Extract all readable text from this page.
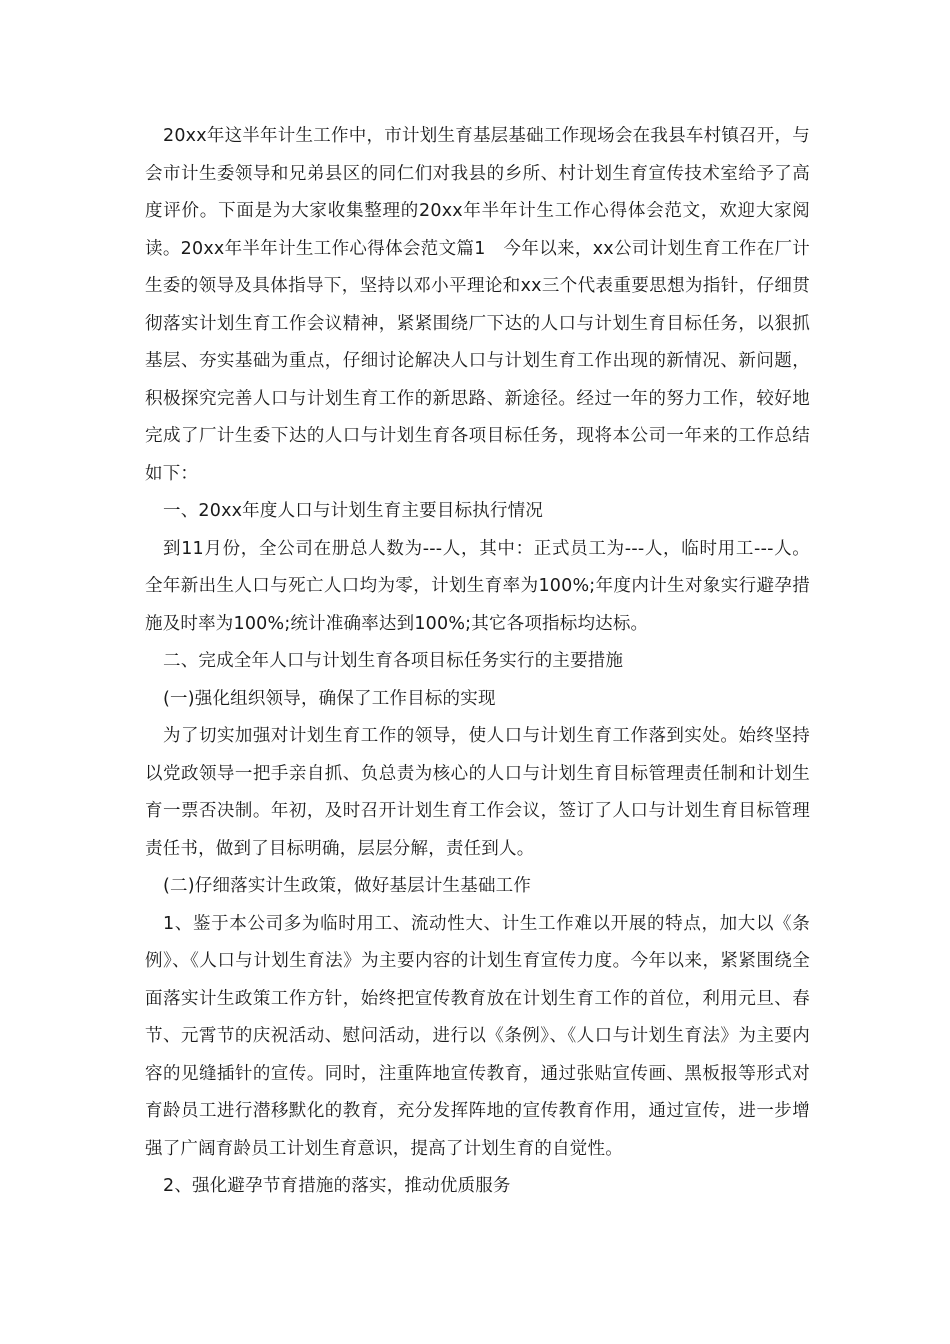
20xx年这半年计生工作中，市计划生育基层基础工作现场会在我县车村镇召开，与会市计生委领导和兄弟县区的同仁们对我县的乡所、村计划生育宣传技术室给予了高度评价。下面是为大家收集整理的20xx年半年计生工作心得体会范文，欢迎大家阅读。20xx年半年计生工作心得体会范文篇1　今年以来，xx公司计划生育工作在厂计生委的领导及具体指导下，坚持以邓小平理论和xx三个代表重要思想为指针，仔细贯彻落实计划生育工作会议精神，紧紧围绕厂下达的人口与计划生育目标任务，以狠抓基层、夯实基础为重点，仔细讨论解决人口与计划生育工作出现的新情况、新问题，积极探究完善人口与计划生育工作的新思路、新途径。经过一年的努力工作，较好地完成了厂计生委下达的人口与计划生育各项目标任务，现将本公司一年来的工作总结如下：

一、20xx年度人口与计划生育主要目标执行情况

到11月份，全公司在册总人数为---人，其中：正式员工为---人，临时用工---人。全年新出生人口与死亡人口均为零，计划生育率为100%;年度内计生对象实行避孕措施及时率为100%;统计准确率达到100%;其它各项指标均达标。

二、完成全年人口与计划生育各项目标任务实行的主要措施

(一)强化组织领导，确保了工作目标的实现

为了切实加强对计划生育工作的领导，使人口与计划生育工作落到实处。始终坚持以党政领导一把手亲自抓、负总责为核心的人口与计划生育目标管理责任制和计划生育一票否决制。年初，及时召开计划生育工作会议，签订了人口与计划生育目标管理责任书，做到了目标明确，层层分解，责任到人。

(二)仔细落实计生政策，做好基层计生基础工作

1、鉴于本公司多为临时用工、流动性大、计生工作难以开展的特点，加大以《条例》、《人口与计划生育法》为主要内容的计划生育宣传力度。今年以来，紧紧围绕全面落实计生政策工作方针，始终把宣传教育放在计划生育工作的首位，利用元旦、春节、元霄节的庆祝活动、慰问活动，进行以《条例》、《人口与计划生育法》为主要内容的见缝插针的宣传。同时，注重阵地宣传教育，通过张贴宣传画、黑板报等形式对育龄员工进行潜移默化的教育，充分发挥阵地的宣传教育作用，通过宣传，进一步增强了广阔育龄员工计划生育意识，提高了计划生育的自觉性。

2、强化避孕节育措施的落实，推动优质服务
